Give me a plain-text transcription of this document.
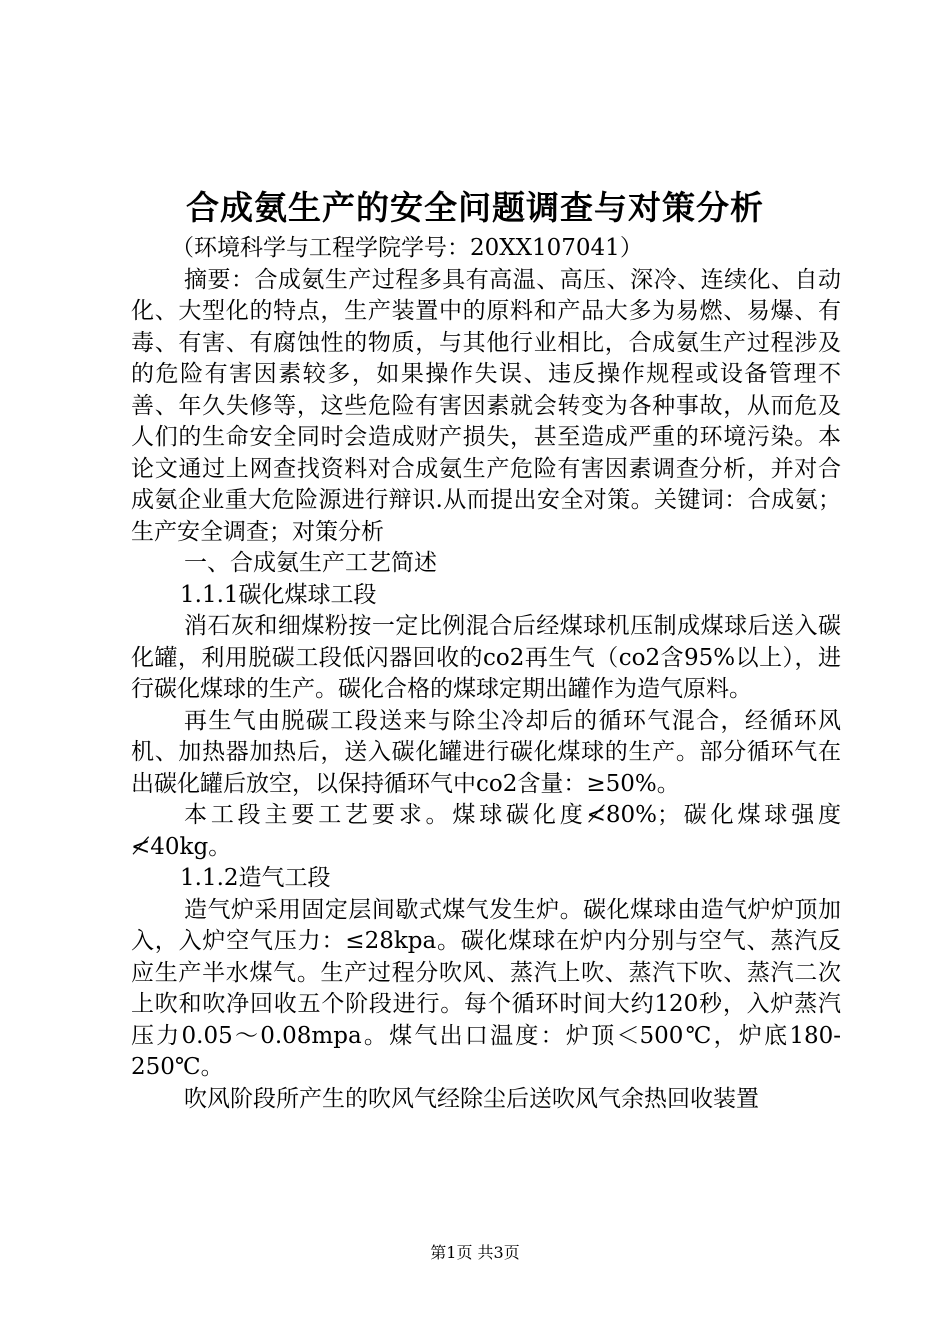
合成氨生产的安全问题调查与对策分析

（环境科学与工程学院学号：20XX107041）

摘要：合成氨生产过程多具有高温、高压、深冷、连续化、自动化、大型化的特点，生产装置中的原料和产品大多为易燃、易爆、有毒、有害、有腐蚀性的物质，与其他行业相比，合成氨生产过程涉及的危险有害因素较多，如果操作失误、违反操作规程或设备管理不善、年久失修等，这些危险有害因素就会转变为各种事故，从而危及人们的生命安全同时会造成财产损失，甚至造成严重的环境污染。本论文通过上网查找资料对合成氨生产危险有害因素调查分析，并对合成氨企业重大危险源进行辩识.从而提出安全对策。关键词：合成氨；生产安全调查；对策分析

一、合成氨生产工艺简述

1.1.1碳化煤球工段

消石灰和细煤粉按一定比例混合后经煤球机压制成煤球后送入碳化罐，利用脱碳工段低闪器回收的co2再生气（co2含95%以上），进行碳化煤球的生产。碳化合格的煤球定期出罐作为造气原料。

再生气由脱碳工段送来与除尘冷却后的循环气混合，经循环风机、加热器加热后，送入碳化罐进行碳化煤球的生产。部分循环气在出碳化罐后放空，以保持循环气中co2含量：≥50%。

本工段主要工艺要求。煤球碳化度≮80%；碳化煤球强度≮40kg。

1.1.2造气工段

造气炉采用固定层间歇式煤气发生炉。碳化煤球由造气炉炉顶加入，入炉空气压力：≤28kpa。碳化煤球在炉内分别与空气、蒸汽反应生产半水煤气。生产过程分吹风、蒸汽上吹、蒸汽下吹、蒸汽二次上吹和吹净回收五个阶段进行。每个循环时间大约120秒，入炉蒸汽压力0.05～0.08mpa。煤气出口温度：炉顶＜500℃，炉底180-250℃。

吹风阶段所产生的吹风气经除尘后送吹风气余热回收装置

第1页 共3页
